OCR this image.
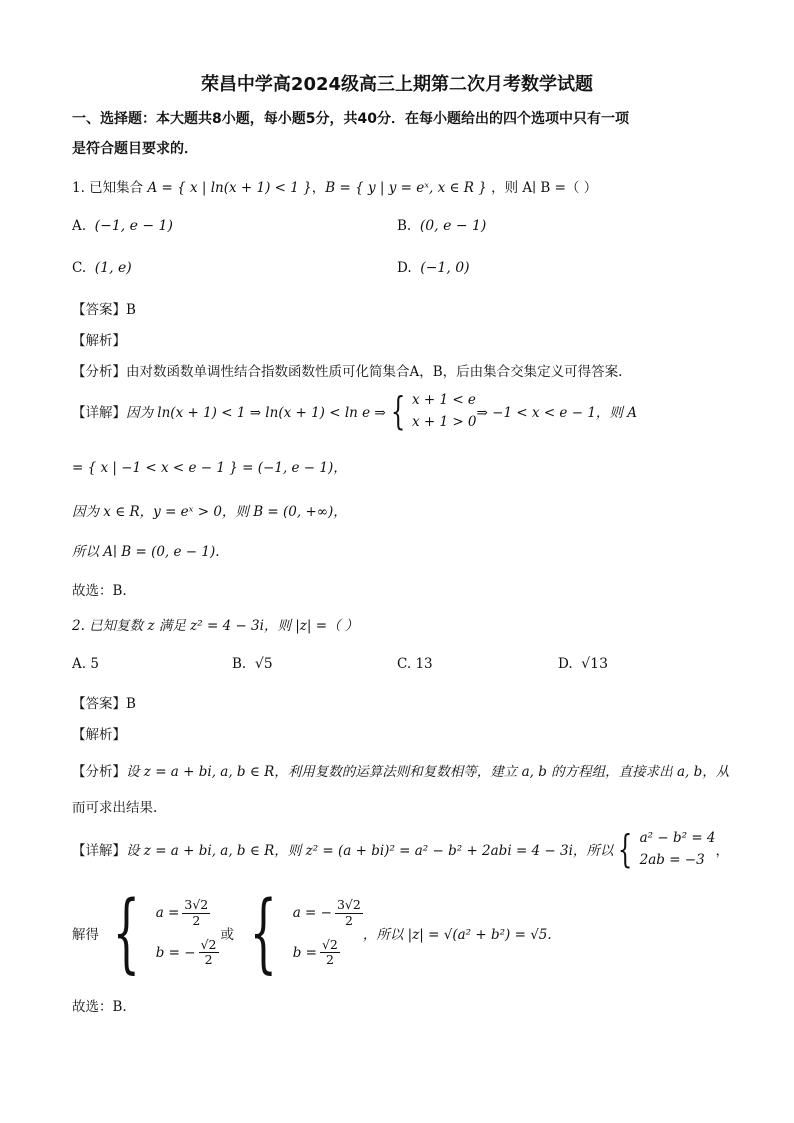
荣昌中学高2024级高三上期第二次月考数学试题
一、选择题：本大题共8小题，每小题5分，共40分．在每小题给出的四个选项中只有一项
是符合题目要求的．
1. 已知集合 A = { x | ln(x + 1) < 1 }，B = { y | y = eˣ, x ∈ R } ，则 A∣ B =（ ）
A. (−1, e − 1)	B. (0, e − 1)
C. (1, e)	D. (−1, 0)
【答案】B
【解析】
【分析】由对数函数单调性结合指数函数性质可化简集合A，B，后由集合交集定义可得答案.
【详解】 因为 ln(x + 1) < 1 ⇒ ln(x + 1) < ln e ⇒ { x + 1 < e
x + 1 > 0
⇒ −1 < x < e − 1，则 A
= { x | −1 < x < e − 1 } = (−1, e − 1)，
因为 x ∈ R，y = eˣ > 0，则 B = (0, +∞)，
所以 A∣ B = (0, e − 1).
故选：B.
2. 已知复数 z 满足 z² = 4 − 3i，则 |z| =（ ）
A. 5	B. √5	C. 13	D. √13
【答案】B
【解析】
【分析】设 z = a + bi, a, b ∈ R，利用复数的运算法则和复数相等，建立 a, b 的方程组，直接求出 a, b，从
而可求出结果.
【详解】 设 z = a + bi, a, b ∈ R，则 z² = (a + bi)² = a² − b² + 2abi = 4 − 3i，所以 { a² − b² = 4
2ab = −3
，
解得 { $a = \frac{3√2}{2}$
b = − $\frac{√2}{2}$
或 { a = − $\frac{3√2}{2}$
$b = \frac{√2}{2}$
，所以 |z| = √(a² + b²) = √5.
故选：B.
